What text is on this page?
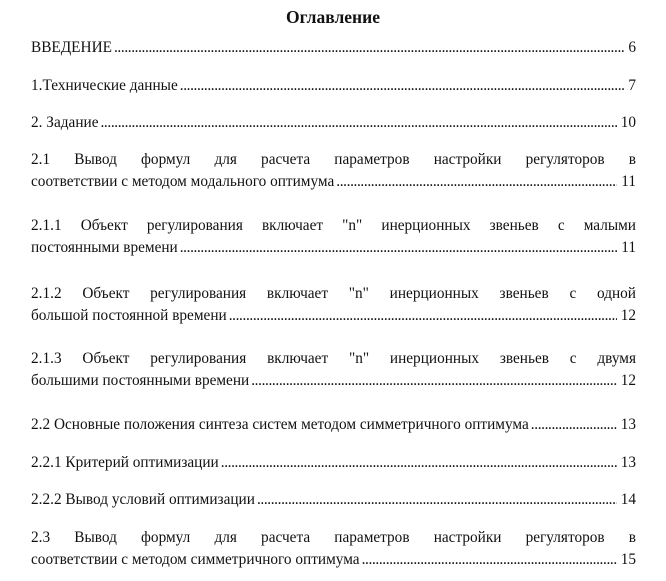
Оглавление
ВВЕДЕНИЕ . . .	6
1.Технические данные . . .	7
2. Задание . . .	10
2.1 Вывод формул для расчета параметров настройки регуляторов в
соответствии с методом модального оптимума . . .	11
2.1.1 Объект регулирования включает "n" инерционных звеньев с малыми
постоянными времени . . .	11
2.1.2 Объект регулирования включает "n" инерционных звеньев с одной
большой постоянной времени . . .	12
2.1.3 Объект регулирования включает "n" инерционных звеньев с двумя
большими постоянными времени . . .	12
2.2 Основные положения синтеза систем методом симметричного оптимума . . .	13
2.2.1 Критерий оптимизации . . .	13
2.2.2 Вывод условий оптимизации . . .	14
2.3 Вывод формул для расчета параметров настройки регуляторов в
соответствии с методом симметричного оптимума . . .	15
